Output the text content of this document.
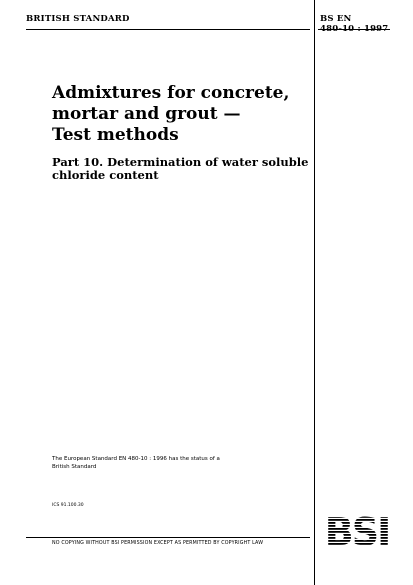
BRITISH STANDARD	BS EN
480-10 : 1997
Admixtures for concrete,
mortar and grout —
Test methods
Part 10. Determination of water soluble
chloride content
The European Standard EN 480-10 : 1996 has the status of a
British Standard
ICS 91.100.30
NO COPYING WITHOUT BSI PERMISSION EXCEPT AS PERMITTED BY COPYRIGHT LAW	BSI
